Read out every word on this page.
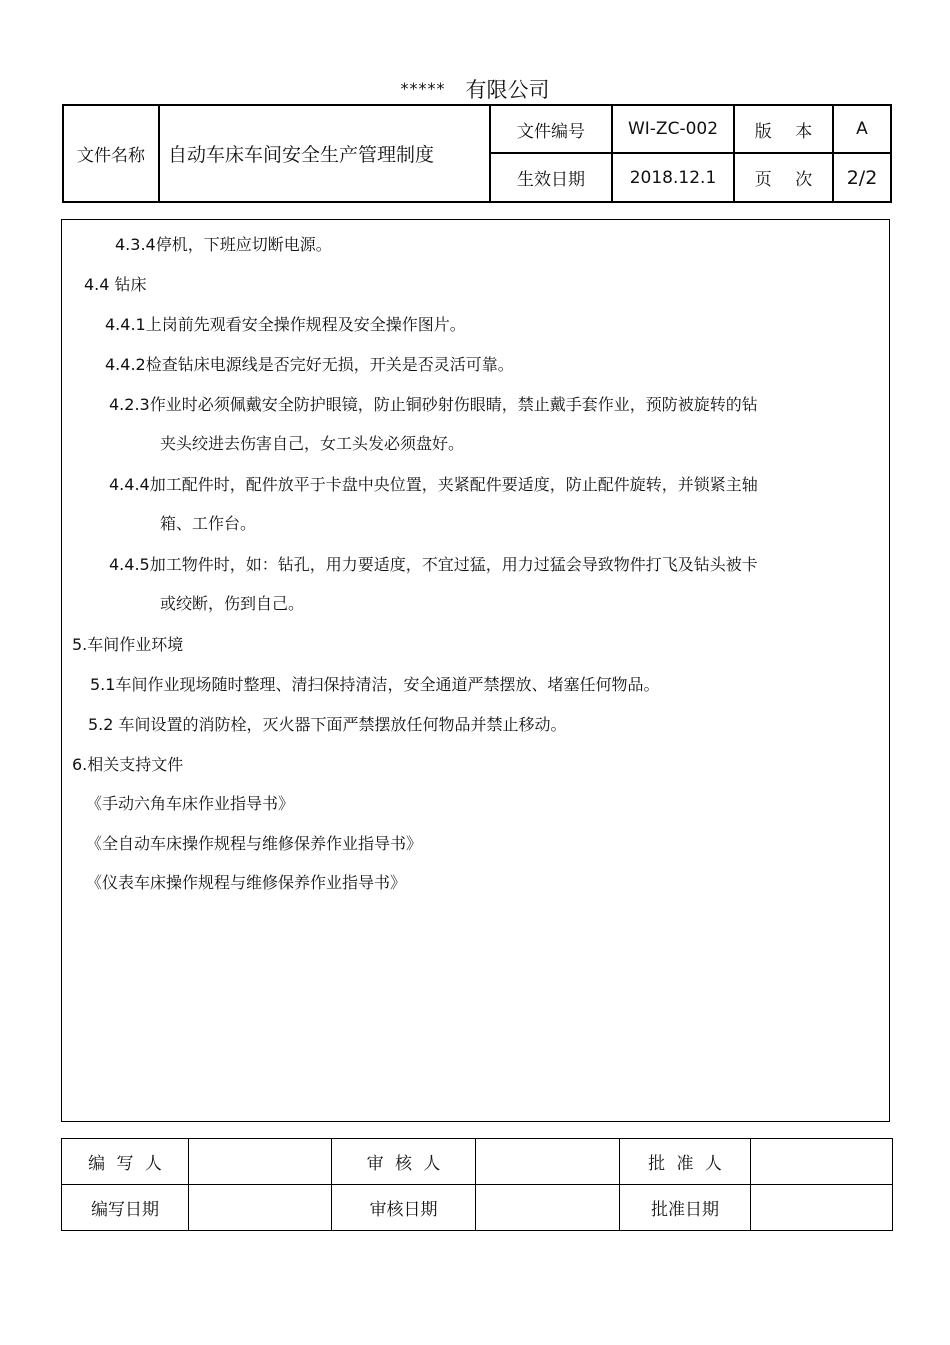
***** 有限公司
文件名称	自动车床车间安全生产管理制度	文件编号	WI-ZC-002	版 本	A
		生效日期	2018.12.1	页 次	2/2
4.3.4停机，下班应切断电源。
4.4 钻床
4.4.1上岗前先观看安全操作规程及安全操作图片。
4.4.2检查钻床电源线是否完好无损，开关是否灵活可靠。
4.2.3作业时必须佩戴安全防护眼镜，防止铜砂射伤眼睛，禁止戴手套作业，预防被旋转的钻
夹头绞进去伤害自己，女工头发必须盘好。
4.4.4加工配件时，配件放平于卡盘中央位置，夹紧配件要适度，防止配件旋转，并锁紧主轴
箱、工作台。
4.4.5加工物件时，如：钻孔，用力要适度，不宜过猛，用力过猛会导致物件打飞及钻头被卡
或绞断，伤到自己。
5.车间作业环境
5.1车间作业现场随时整理、清扫保持清洁，安全通道严禁摆放、堵塞任何物品。
5.2 车间设置的消防栓，灭火器下面严禁摆放任何物品并禁止移动。
6.相关支持文件
《手动六角车床作业指导书》
《全自动车床操作规程与维修保养作业指导书》
《仪表车床操作规程与维修保养作业指导书》
编 写 人		审 核 人		批 准 人	
编写日期		审核日期		批准日期	
